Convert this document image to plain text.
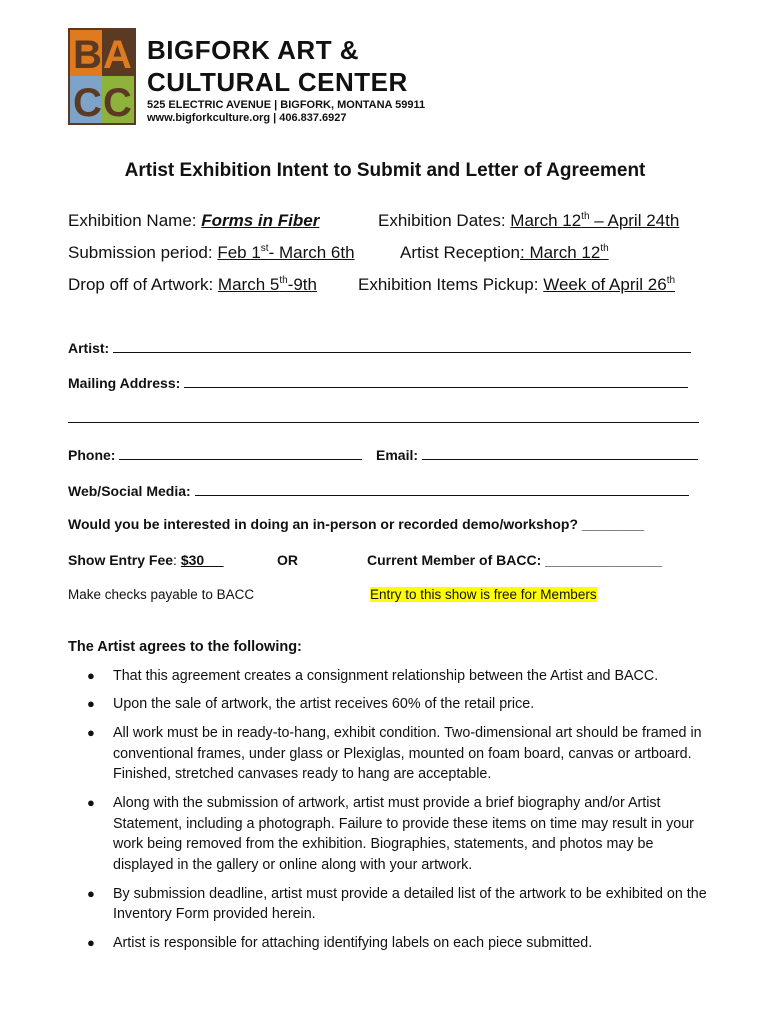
B A
C C
BIGFORK ART &
CULTURAL CENTER
525 ELECTRIC AVENUE | BIGFORK, MONTANA 59911
www.bigforkculture.org | 406.837.6927
Artist Exhibition Intent to Submit and Letter of Agreement
Exhibition Name: Forms in Fiber	Exhibition Dates: March 12th – April 24th
Submission period: Feb 1st- March 6th	Artist Reception: March 12th
Drop off of Artwork: March 5th-9th Exhibition Items Pickup: Week of April 26th
Artist:
Mailing Address:
Phone:	Email:
Web/Social Media:
Would you be interested in doing an in-person or recorded demo/workshop? ________
Show Entry Fee: $30	OR	Current Member of BACC: _______________
Make checks payable to BACC	Entry to this show is free for Members
The Artist agrees to the following:
● That this agreement creates a consignment relationship between the Artist and BACC.
● Upon the sale of artwork, the artist receives 60% of the retail price.
● All work must be in ready-to-hang, exhibit condition. Two-dimensional art should be framed in conventional frames, under glass or Plexiglas, mounted on foam board, canvas or artboard. Finished, stretched canvases ready to hang are acceptable.
● Along with the submission of artwork, artist must provide a brief biography and/or Artist Statement, including a photograph. Failure to provide these items on time may result in your work being removed from the exhibition. Biographies, statements, and photos may be displayed in the gallery or online along with your artwork.
● By submission deadline, artist must provide a detailed list of the artwork to be exhibited on the Inventory Form provided herein.
● Artist is responsible for attaching identifying labels on each piece submitted.
